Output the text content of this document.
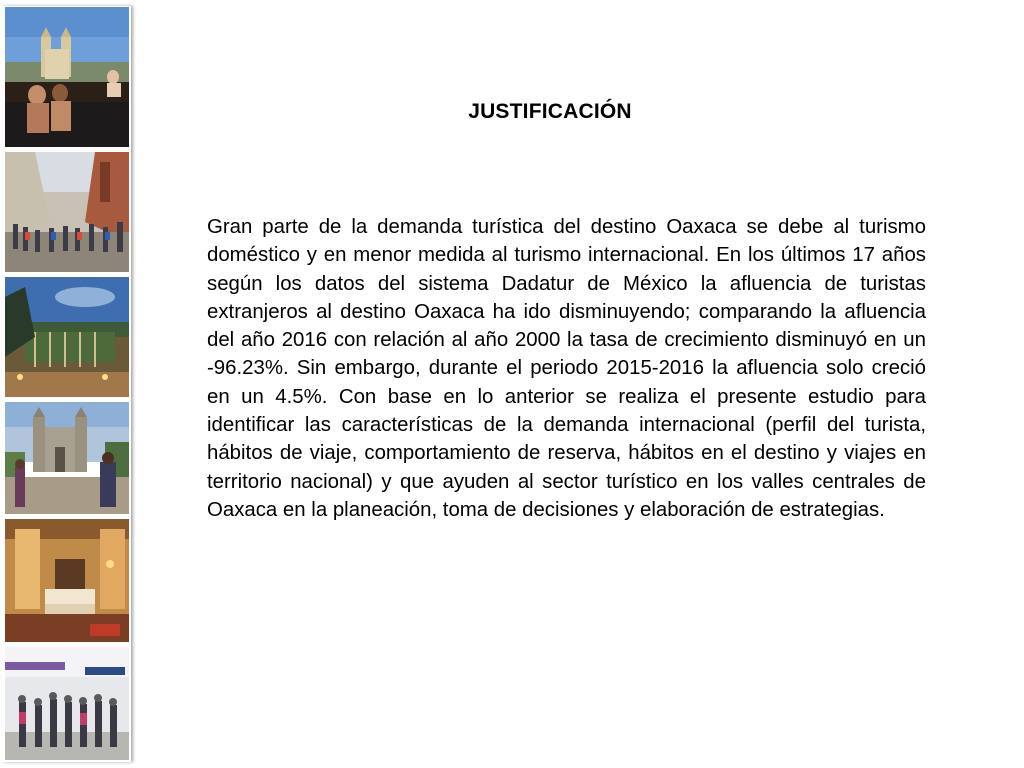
JUSTIFICACIÓN

Gran parte de la demanda turística del destino Oaxaca se debe al turismo doméstico y en menor medida al turismo internacional. En los últimos 17 años según los datos del sistema Dadatur de México la afluencia de turistas extranjeros al destino Oaxaca ha ido disminuyendo; comparando la afluencia del año 2016 con relación al año 2000 la tasa de crecimiento disminuyó en un -96.23%. Sin embargo, durante el periodo 2015-2016 la afluencia solo creció en un 4.5%. Con base en lo anterior se realiza el presente estudio para identificar las características de la demanda internacional (perfil del turista, hábitos de viaje, comportamiento de reserva, hábitos en el destino y viajes en territorio nacional) y que ayuden al sector turístico en los valles centrales de Oaxaca en la planeación, toma de decisiones y elaboración de estrategias.
